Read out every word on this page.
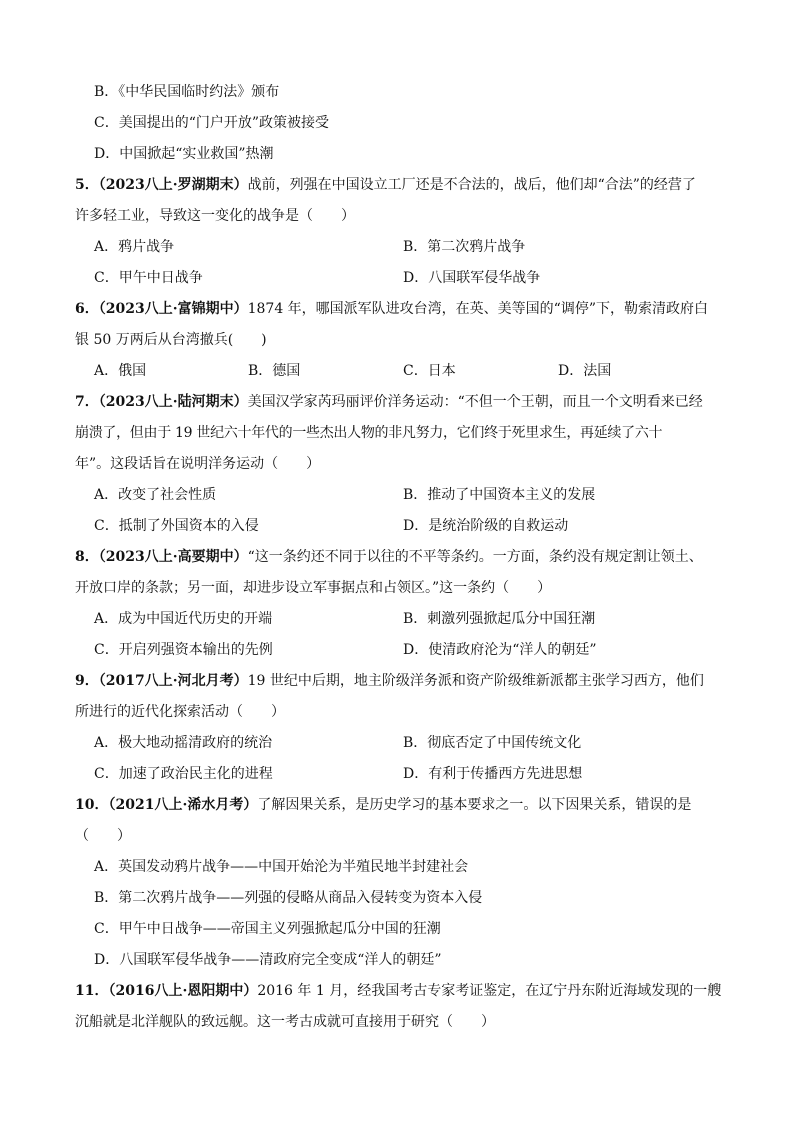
B．《中华民国临时约法》颁布
C．美国提出的“门户开放”政策被接受
D．中国掀起“实业救国”热潮
5．（2023八上·罗湖期末）战前，列强在中国设立工厂还是不合法的，战后，他们却“合法”的经营了
许多轻工业，导致这一变化的战争是（　　）
A．鸦片战争	B．第二次鸦片战争
C．甲午中日战争	D．八国联军侵华战争
6．（2023八上·富锦期中）1874 年，哪国派军队进攻台湾，在英、美等国的“调停”下，勒索清政府白
银 50 万两后从台湾撤兵(　　)
A．俄国	B．德国	C．日本	D．法国
7．（2023八上·陆河期末）美国汉学家芮玛丽评价洋务运动：“不但一个王朝，而且一个文明看来已经
崩溃了，但由于 19 世纪六十年代的一些杰出人物的非凡努力，它们终于死里求生，再延续了六十
年”。这段话旨在说明洋务运动（　　）
A．改变了社会性质	B．推动了中国资本主义的发展
C．抵制了外国资本的入侵	D．是统治阶级的自救运动
8．（2023八上·高要期中）“这一条约还不同于以往的不平等条约。一方面，条约没有规定割让领土、
开放口岸的条款；另一面，却进步设立军事据点和占领区。”这一条约（　　）
A．成为中国近代历史的开端	B．刺激列强掀起瓜分中国狂潮
C．开启列强资本输出的先例	D．使清政府沦为“洋人的朝廷”
9．（2017八上·河北月考）19 世纪中后期，地主阶级洋务派和资产阶级维新派都主张学习西方，他们
所进行的近代化探索活动（　　）
A．极大地动摇清政府的统治	B．彻底否定了中国传统文化
C．加速了政治民主化的进程	D．有利于传播西方先进思想
10．（2021八上·浠水月考）了解因果关系，是历史学习的基本要求之一。以下因果关系，错误的是
（　　）
A．英国发动鸦片战争——中国开始沦为半殖民地半封建社会
B．第二次鸦片战争——列强的侵略从商品入侵转变为资本入侵
C．甲午中日战争——帝国主义列强掀起瓜分中国的狂潮
D．八国联军侵华战争——清政府完全变成“洋人的朝廷”
11．（2016八上·恩阳期中）2016 年 1 月，经我国考古专家考证鉴定，在辽宁丹东附近海域发现的一艘
沉船就是北洋舰队的致远舰。这一考古成就可直接用于研究（　　）
